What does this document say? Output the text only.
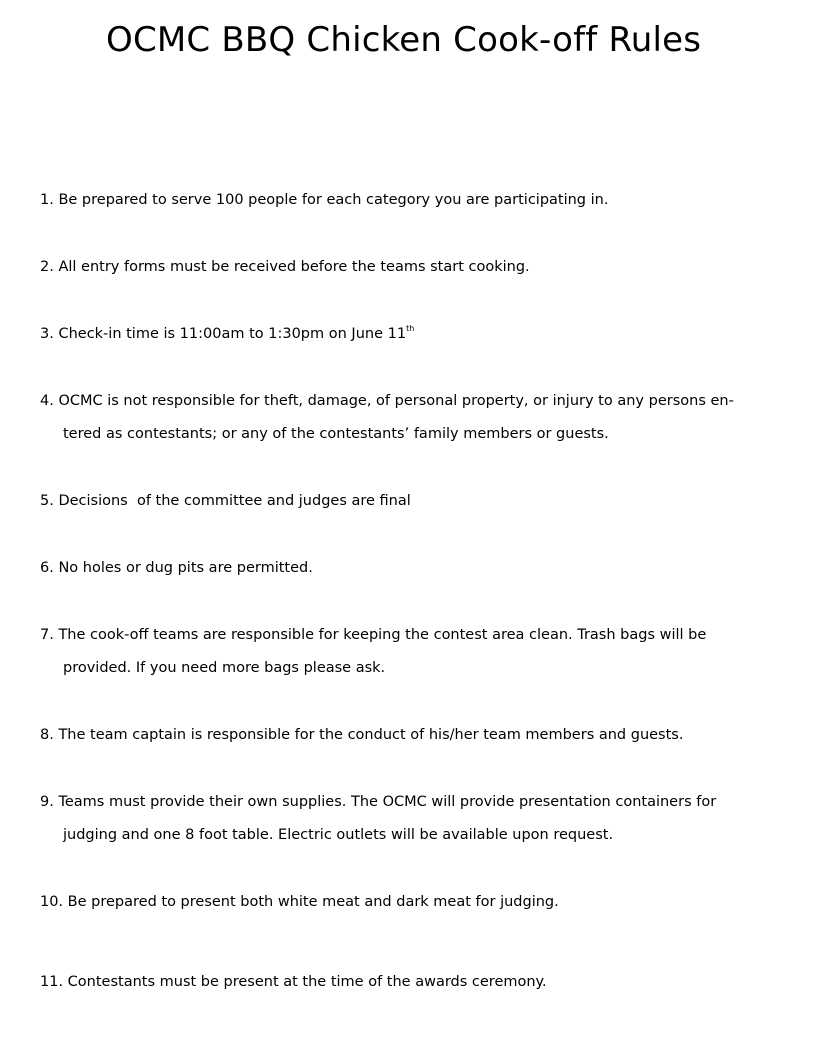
OCMC BBQ Chicken Cook-off Rules

1. Be prepared to serve 100 people for each category you are participating in.

2. All entry forms must be received before the teams start cooking.

3. Check-in time is 11:00am to 1:30pm on June 11th

4. OCMC is not responsible for theft, damage, of personal property, or injury to any persons en-
tered as contestants; or any of the contestants’ family members or guests.

5. Decisions  of the committee and judges are final

6. No holes or dug pits are permitted.

7. The cook-off teams are responsible for keeping the contest area clean. Trash bags will be
provided. If you need more bags please ask.

8. The team captain is responsible for the conduct of his/her team members and guests.

9. Teams must provide their own supplies. The OCMC will provide presentation containers for
judging and one 8 foot table. Electric outlets will be available upon request.

10. Be prepared to present both white meat and dark meat for judging.

11. Contestants must be present at the time of the awards ceremony.
